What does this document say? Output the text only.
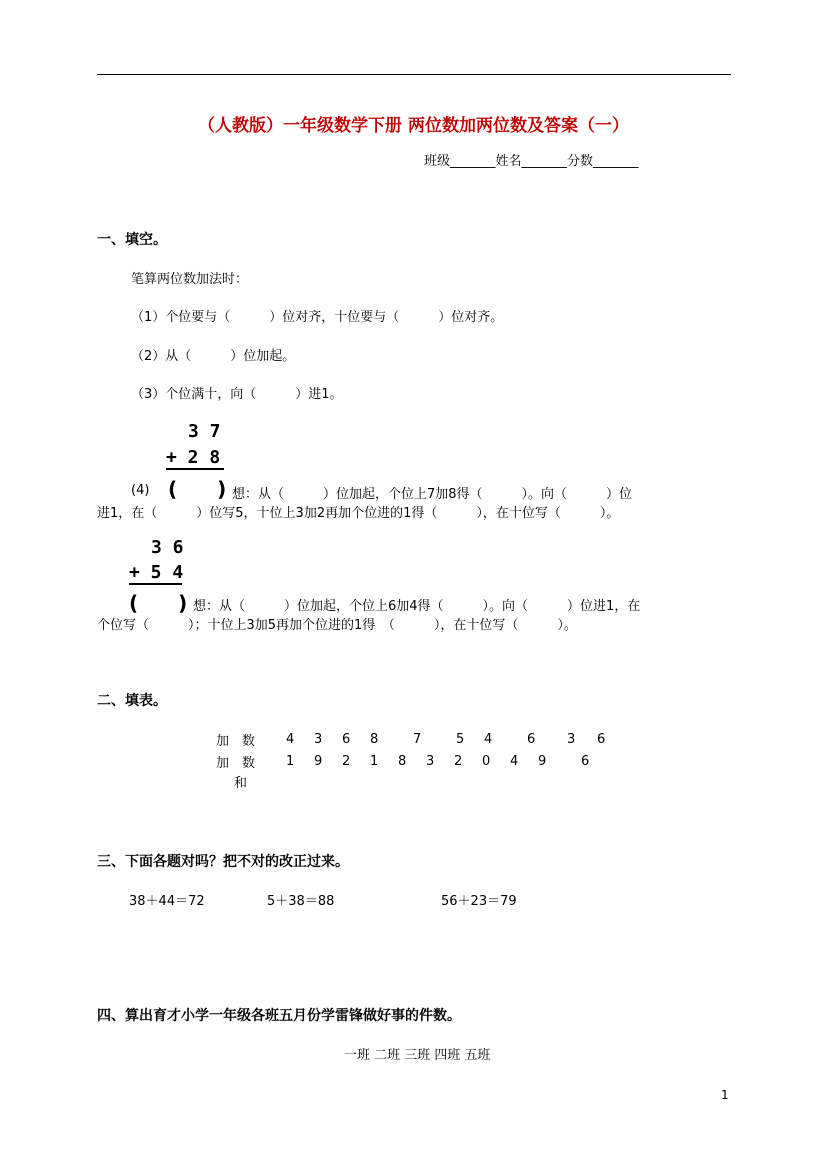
（人教版）一年级数学下册 两位数加两位数及答案（一）
班级_______姓名_______分数_______
一、填空。
笔算两位数加法时：
（1）个位要与（　　　）位对齐，十位要与（　　　）位对齐。
（2）从（　　　）位加起。
（3）个位满十，向（　　　）进1。
3 7
+ 2 8
(　　)
(4)	想：从（　　　）位加起，个位上7加8得（　　　）。向（　　　）位
进1，在（　　　）位写5，十位上3加2再加个位进的1得（　　　），在十位写（　　　）。
3 6
+ 5 4
(　　) 想：从（　　　）位加起，个位上6加4得（　　　）。向（　　　）位进1，在
个位写（　　　）；十位上3加5再加个位进的1得　（　　　），在十位写（　　　）。
二、填表。
加　数	4	3	6	8	7	5	4	6	3	6
加　数	1	9	2	1	8	3	2	0	4	9	6
和
三、下面各题对吗？把不对的改正过来。
38＋44＝72	5＋38＝88	56＋23＝79
四、算出育才小学一年级各班五月份学雷锋做好事的件数。
一班 二班 三班 四班 五班
1
